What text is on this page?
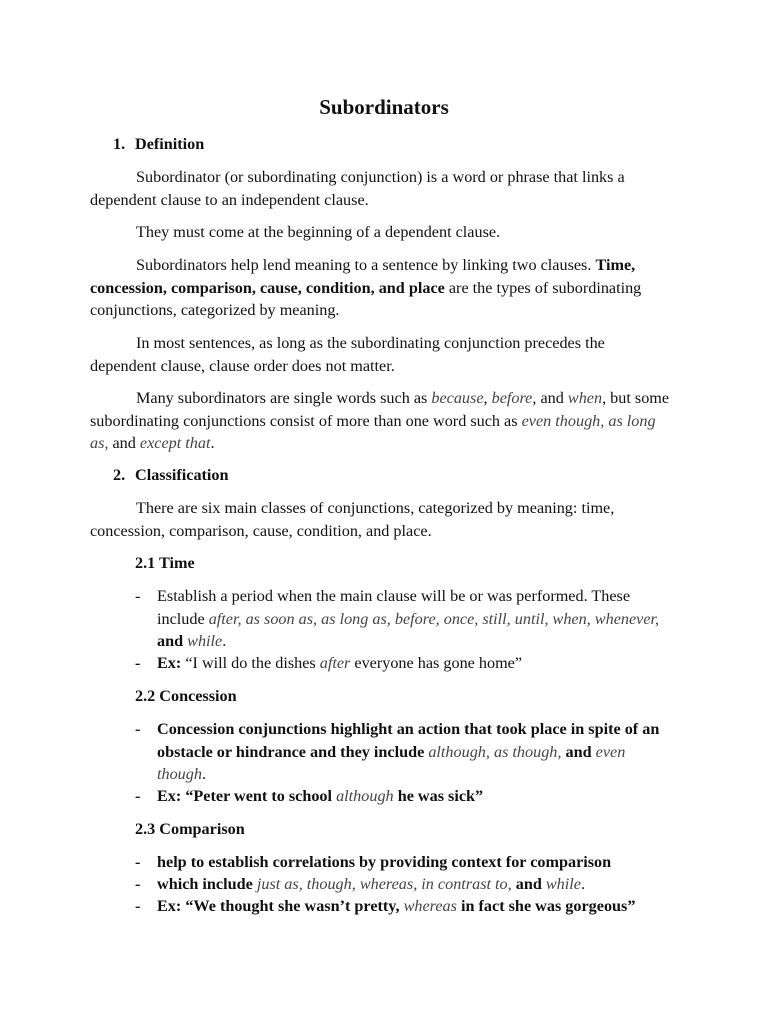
Subordinators
1. Definition
Subordinator (or subordinating conjunction) is a word or phrase that links a dependent clause to an independent clause.
They must come at the beginning of a dependent clause.
Subordinators help lend meaning to a sentence by linking two clauses. Time, concession, comparison, cause, condition, and place are the types of subordinating conjunctions, categorized by meaning.
In most sentences, as long as the subordinating conjunction precedes the dependent clause, clause order does not matter.
Many subordinators are single words such as because, before, and when, but some subordinating conjunctions consist of more than one word such as even though, as long as, and except that.
2. Classification
There are six main classes of conjunctions, categorized by meaning: time, concession, comparison, cause, condition, and place.
2.1 Time
- Establish a period when the main clause will be or was performed. These include after, as soon as, as long as, before, once, still, until, when, whenever, and while.
- Ex: “I will do the dishes after everyone has gone home”
2.2 Concession
- Concession conjunctions highlight an action that took place in spite of an obstacle or hindrance and they include although, as though, and even though.
- Ex: “Peter went to school although he was sick”
2.3 Comparison
- help to establish correlations by providing context for comparison
- which include just as, though, whereas, in contrast to, and while.
- Ex: “We thought she wasn’t pretty, whereas in fact she was gorgeous”
